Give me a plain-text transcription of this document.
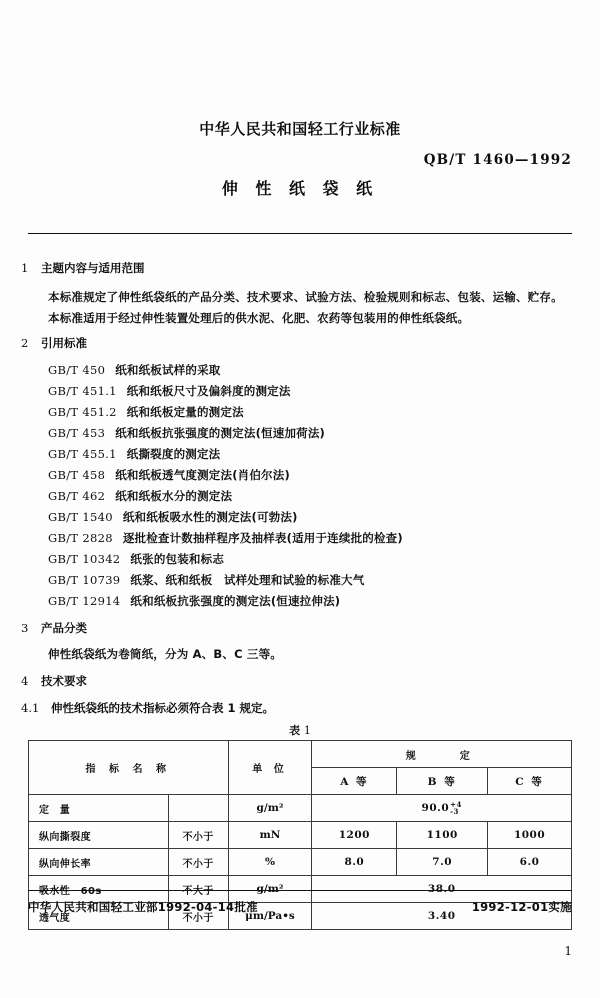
中华人民共和国轻工行业标准
QB/T 1460—1992
伸 性 纸 袋 纸
1 主题内容与适用范围
本标准规定了伸性纸袋纸的产品分类、技术要求、试验方法、检验规则和标志、包装、运输、贮存。
本标准适用于经过伸性装置处理后的供水泥、化肥、农药等包装用的伸性纸袋纸。
2 引用标准
GB/T 450 纸和纸板试样的采取
GB/T 451.1 纸和纸板尺寸及偏斜度的测定法
GB/T 451.2 纸和纸板定量的测定法
GB/T 453 纸和纸板抗张强度的测定法(恒速加荷法)
GB/T 455.1 纸撕裂度的测定法
GB/T 458 纸和纸板透气度测定法(肖伯尔法)
GB/T 462 纸和纸板水分的测定法
GB/T 1540 纸和纸板吸水性的测定法(可勃法)
GB/T 2828 逐批检查计数抽样程序及抽样表(适用于连续批的检查)
GB/T 10342 纸张的包装和标志
GB/T 10739 纸浆、纸和纸板　试样处理和试验的标准大气
GB/T 12914 纸和纸板抗张强度的测定法(恒速拉伸法)
3 产品分类
伸性纸袋纸为卷筒纸，分为 A、B、C 三等。
4 技术要求
4.1 伸性纸袋纸的技术指标必须符合表 1 规定。
表 1
指 标 名 称		单 位	规　　定		
			A 等	B 等	C 等
定　量		g/m²	90.0 +4
-3		

纵向撕裂度	不小于	mN	1200	1100	1000
纵向伸长率	不小于	%	8.0	7.0	6.0
吸水性　60s	不大于	g/m²	38.0		
透气度	不小于	μm/Pa•s	3.40		
中华人民共和国轻工业部1992-04-14批准	1992-12-01实施
1
